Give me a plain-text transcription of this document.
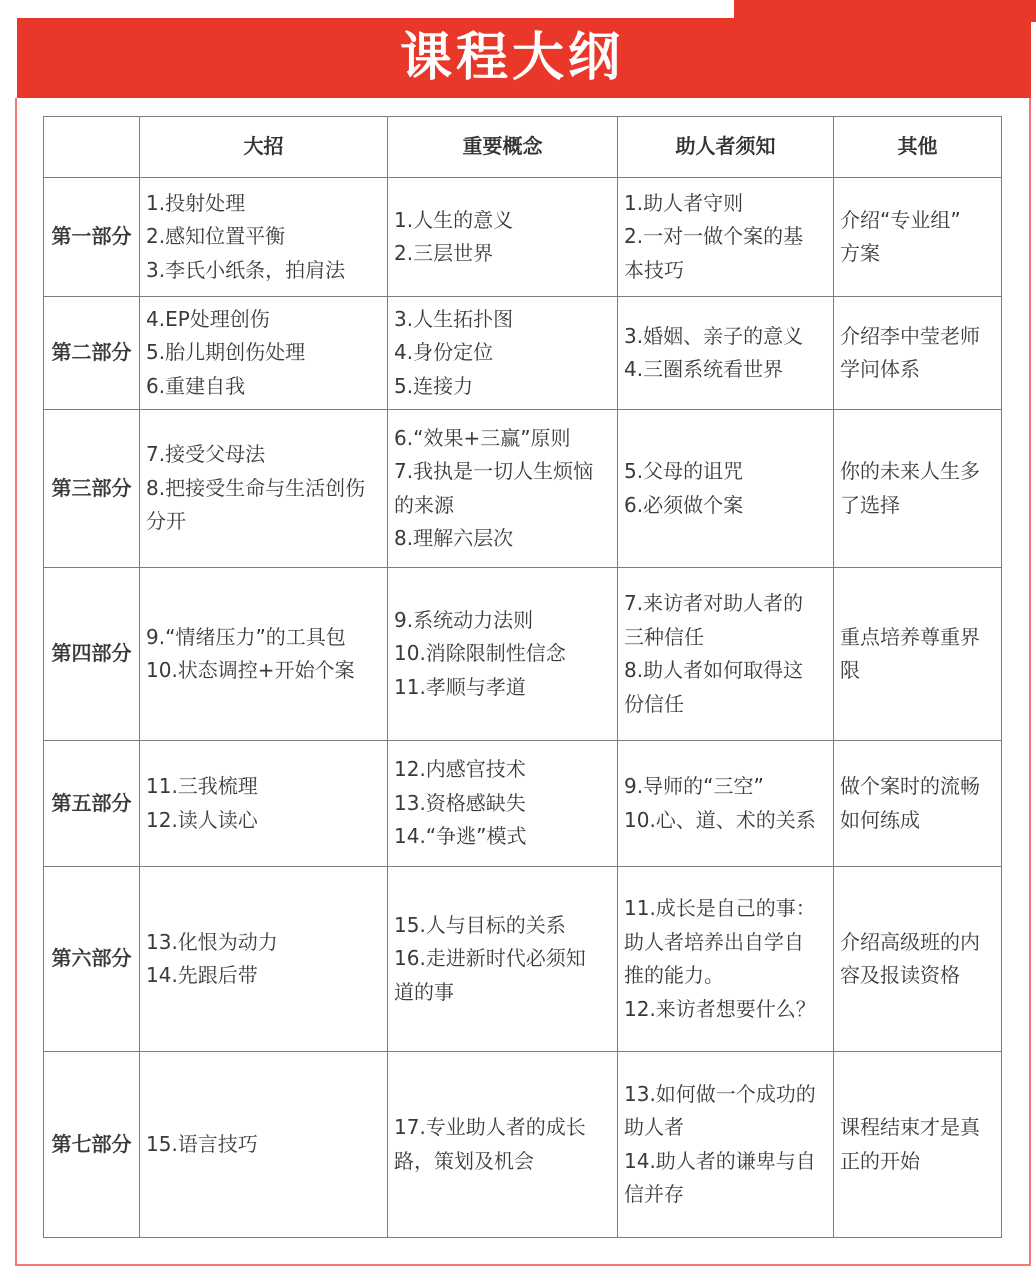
课程大纲
	大招	重要概念	助人者须知	其他
第一部分	1.投射处理
2.感知位置平衡
3.李氏小纸条，拍肩法	1.人生的意义
2.三层世界	1.助人者守则
2.一对一做个案的基
本技巧	介绍“专业组”
方案

第二部分	4.EP处理创伤
5.胎儿期创伤处理
6.重建自我	3.人生拓扑图
4.身份定位
5.连接力	3.婚姻、亲子的意义
4.三圈系统看世界	介绍李中莹老师
学问体系

第三部分	7.接受父母法
8.把接受生命与生活创伤
分开	6.“效果+三赢”原则
7.我执是一切人生烦恼
的来源
8.理解六层次	5.父母的诅咒
6.必须做个案	你的未来人生多
了选择

第四部分	9.“情绪压力”的工具包
10.状态调控+开始个案	9.系统动力法则
10.消除限制性信念
11.孝顺与孝道	7.来访者对助人者的
三种信任
8.助人者如何取得这
份信任	重点培养尊重界
限

第五部分	11.三我梳理
12.读人读心	12.内感官技术
13.资格感缺失
14.“争逃”模式	9.导师的“三空”
10.心、道、术的关系	做个案时的流畅
如何练成

第六部分	13.化恨为动力
14.先跟后带	15.人与目标的关系
16.走进新时代必须知
道的事	11.成长是自己的事：
助人者培养出自学自
推的能力。
12.来访者想要什么？	介绍高级班的内
容及报读资格

第七部分	15.语言技巧	17.专业助人者的成长
路，策划及机会	13.如何做一个成功的
助人者
14.助人者的谦卑与自
信并存	课程结束才是真
正的开始
